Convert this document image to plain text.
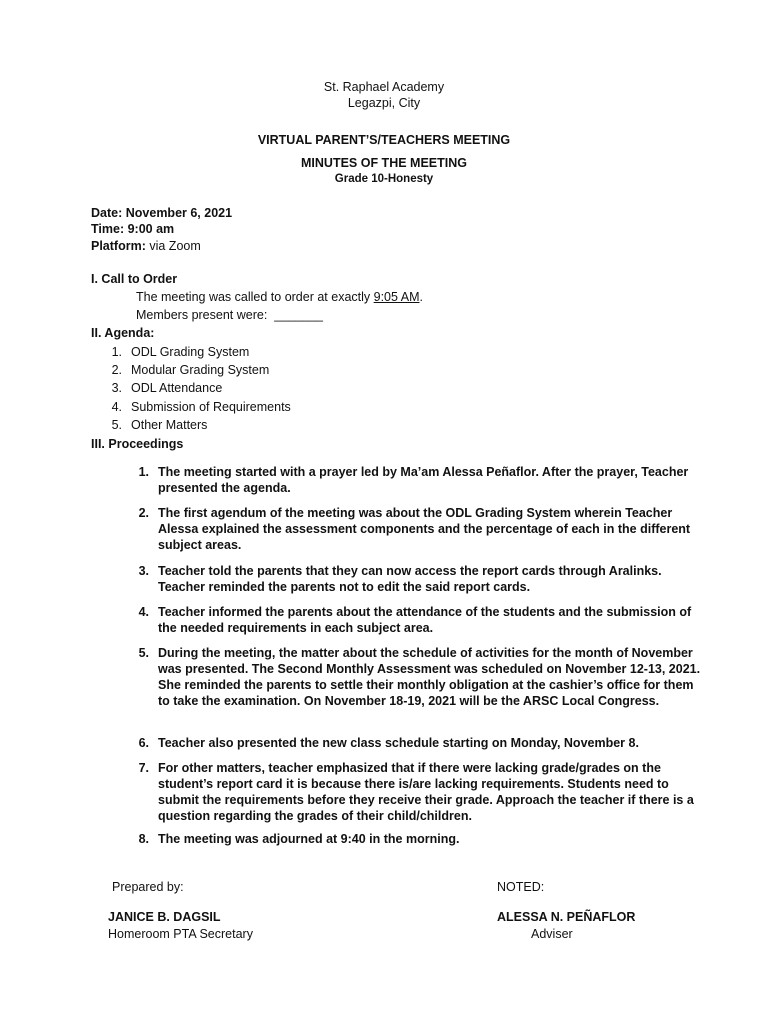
St. Raphael Academy
Legazpi, City
VIRTUAL PARENT’S/TEACHERS MEETING
MINUTES OF THE MEETING
Grade 10-Honesty
Date: November 6, 2021
Time: 9:00 am
Platform: via Zoom
I. Call to Order
The meeting was called to order at exactly 9:05 AM.
Members present were:  _______
II. Agenda:
1. ODL Grading System
2. Modular Grading System
3. ODL Attendance
4. Submission of Requirements
5. Other Matters
III. Proceedings
1. The meeting started with a prayer led by Ma’am Alessa Peñaflor. After the prayer, Teacher presented the agenda.
2. The first agendum of the meeting was about the ODL Grading System wherein Teacher Alessa explained the assessment components and the percentage of each in the different subject areas.
3. Teacher told the parents that they can now access the report cards through Aralinks. Teacher reminded the parents not to edit the said report cards.
4. Teacher informed the parents about the attendance of the students and the submission of the needed requirements in each subject area.
5. During the meeting, the matter about the schedule of activities for the month of November was presented. The Second Monthly Assessment was scheduled on November 12-13, 2021. She reminded the parents to settle their monthly obligation at the cashier’s office for them to take the examination. On November 18-19, 2021 will be the ARSC Local Congress.
6. Teacher also presented the new class schedule starting on Monday, November 8.
7. For other matters, teacher emphasized that if there were lacking grade/grades on the student’s report card it is because there is/are lacking requirements. Students need to submit the requirements before they receive their grade. Approach the teacher if there is a question regarding the grades of their child/children.
8. The meeting was adjourned at 9:40 in the morning.
Prepared by:
JANICE B. DAGSIL
Homeroom PTA Secretary
NOTED:
ALESSA N. PEÑAFLOR
Adviser
